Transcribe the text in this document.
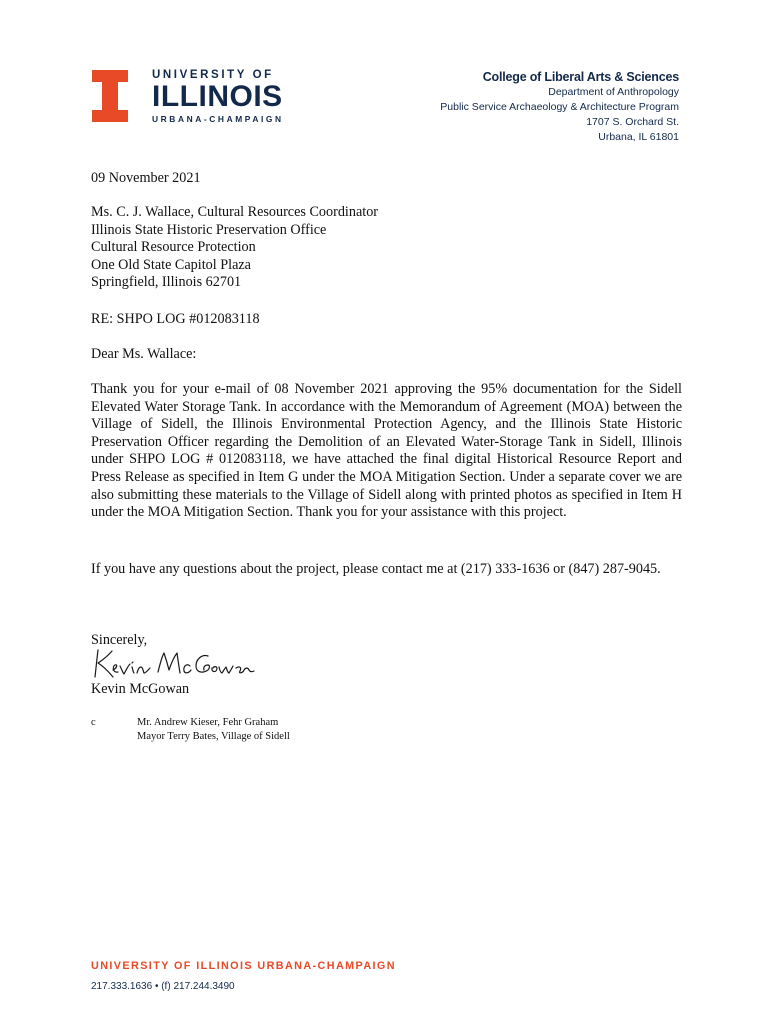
UNIVERSITY OF
ILLINOIS
URBANA-CHAMPAIGN
College of Liberal Arts & Sciences
Department of Anthropology
Public Service Archaeology & Architecture Program
1707 S. Orchard St.
Urbana, IL 61801
09 November 2021

Ms. C. J. Wallace, Cultural Resources Coordinator

Illinois State Historic Preservation Office

Cultural Resource Protection

One Old State Capitol Plaza

Springfield, Illinois 62701

RE: SHPO LOG #012083118
Dear Ms. Wallace:
Thank you for your e-mail of 08 November 2021 approving the 95% documentation for the Sidell Elevated Water Storage Tank. In accordance with the Memorandum of Agreement (MOA) between the Village of Sidell, the Illinois Environmental Protection Agency, and the Illinois State Historic Preservation Officer regarding the Demolition of an Elevated Water-Storage Tank in Sidell, Illinois under SHPO LOG # 012083118, we have attached the final digital Historical Resource Report and Press Release as specified in Item G under the MOA Mitigation Section. Under a separate cover we are also submitting these materials to the Village of Sidell along with printed photos as specified in Item H under the MOA Mitigation Section. Thank you for your assistance with this project.
If you have any questions about the project, please contact me at (217) 333-1636 or (847) 287-9045.
Sincerely,
Kevin McGowan
c	Mr. Andrew Kieser, Fehr Graham
Mayor Terry Bates, Village of Sidell
UNIVERSITY OF ILLINOIS URBANA-CHAMPAIGN
217.333.1636 • (f) 217.244.3490
